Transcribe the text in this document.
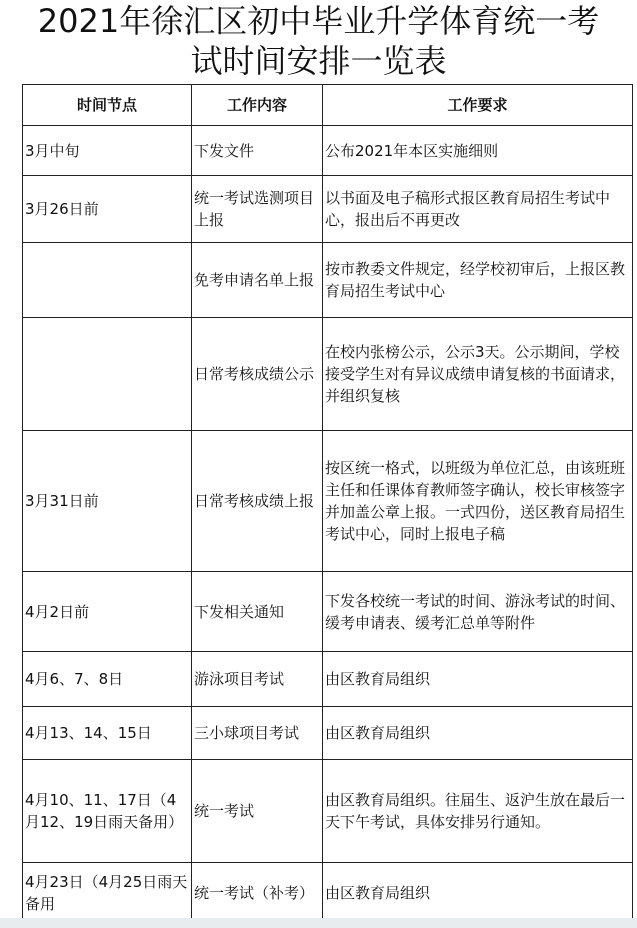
2021年徐汇区初中毕业升学体育统一考
试时间安排一览表
时间节点	工作内容	工作要求
3月中旬	下发文件	公布2021年本区实施细则
3月26日前	统一考试选测项目上报	以书面及电子稿形式报区教育局招生考试中心，报出后不再更改
	免考申请名单上报	按市教委文件规定，经学校初审后，上报区教育局招生考试中心
	日常考核成绩公示	在校内张榜公示，公示3天。公示期间，学校接受学生对有异议成绩申请复核的书面请求，并组织复核
3月31日前	日常考核成绩上报	按区统一格式，以班级为单位汇总，由该班班主任和任课体育教师签字确认，校长审核签字并加盖公章上报。一式四份，送区教育局招生考试中心，同时上报电子稿
4月2日前	下发相关通知	下发各校统一考试的时间、游泳考试的时间、缓考申请表、缓考汇总单等附件
4月6、7、8日	游泳项目考试	由区教育局组织
4月13、14、15日	三小球项目考试	由区教育局组织
4月10、11、17日（4月12、19日雨天备用）	统一考试	由区教育局组织。往届生、返沪生放在最后一天下午考试，具体安排另行通知。
4月23日（4月25日雨天备用	统一考试（补考）	由区教育局组织
